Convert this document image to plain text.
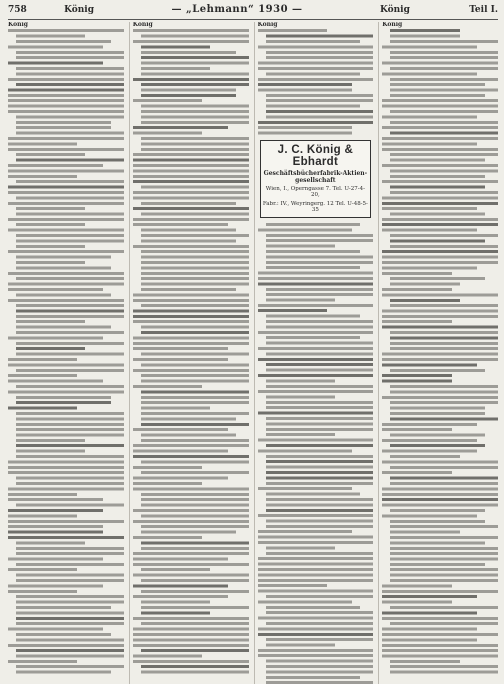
758	König	— „Lehmann“ 1930 —	König	Teil I.
König	König	König
J. C. König & Ebhardt
Geschäftsbücherfabrik-Aktien-gesellschaft
Wien, I., Operngasse 7. Tel. U-27-4-20,
Fabr.: IV., Weyringerg. 12 Tel. U-48-5-35
König
